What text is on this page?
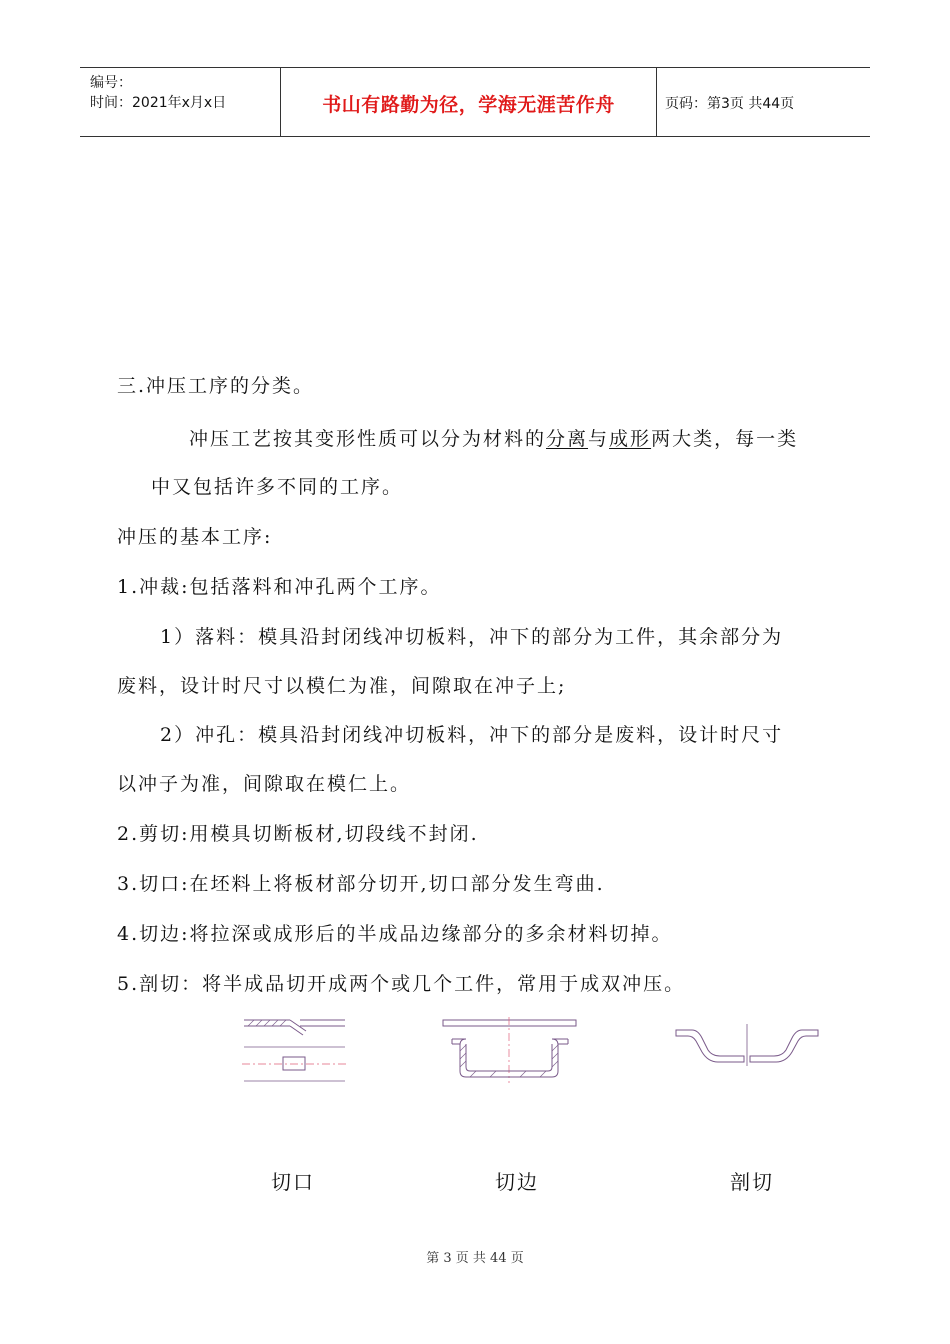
编号：
时间：2021年x月x日	书山有路勤为径，学海无涯苦作舟	页码：第3页 共44页
三.冲压工序的分类。
冲压工艺按其变形性质可以分为材料的分离与成形两大类，每一类
中又包括许多不同的工序。
冲压的基本工序:
1.冲裁:包括落料和冲孔两个工序。
1）落料：模具沿封闭线冲切板料，冲下的部分为工件，其余部分为
废料，设计时尺寸以模仁为准，间隙取在冲子上;
2）冲孔：模具沿封闭线冲切板料，冲下的部分是废料，设计时尺寸
以冲子为准，间隙取在模仁上。
2.剪切:用模具切断板材,切段线不封闭.
3.切口:在坯料上将板材部分切开,切口部分发生弯曲.
4.切边:将拉深或成形后的半成品边缘部分的多余材料切掉。
5.剖切：将半成品切开成两个或几个工件，常用于成双冲压。
切口	切边	剖切
第 3 页 共 44 页
